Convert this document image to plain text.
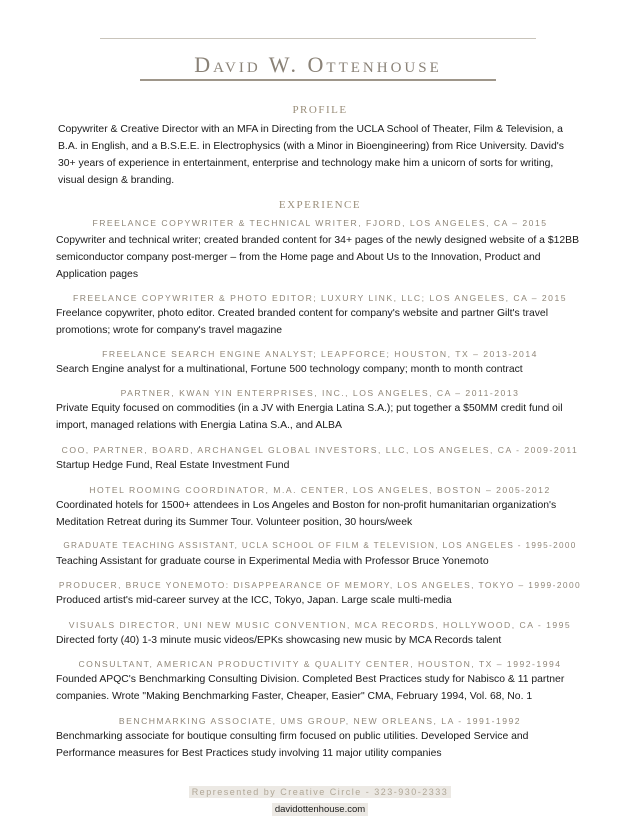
David W. Ottenhouse
PROFILE
Copywriter & Creative Director with an MFA in Directing from the UCLA School of Theater, Film & Television, a B.A. in English, and a B.S.E.E. in Electrophysics (with a Minor in Bioengineering) from Rice University. David's 30+ years of experience in entertainment, enterprise and technology make him a unicorn of sorts for writing, visual design & branding.
EXPERIENCE
FREELANCE COPYWRITER & TECHNICAL WRITER, FJORD, LOS ANGELES, CA – 2015
Copywriter and technical writer; created branded content for 34+ pages of the newly designed website of a $12BB semiconductor company post-merger – from the Home page and About Us to the Innovation, Product and Application pages
FREELANCE COPYWRITER & PHOTO EDITOR; LUXURY LINK, LLC; LOS ANGELES, CA – 2015
Freelance copywriter, photo editor. Created branded content for company's website and partner Gilt's travel promotions; wrote for company's travel magazine
FREELANCE SEARCH ENGINE ANALYST; LEAPFORCE; HOUSTON, TX – 2013-2014
Search Engine analyst for a multinational, Fortune 500 technology company; month to month contract
PARTNER, KWAN YIN ENTERPRISES, INC., LOS ANGELES, CA – 2011-2013
Private Equity focused on commodities (in a JV with Energia Latina S.A.); put together a $50MM credit fund oil import, managed relations with Energia Latina S.A., and ALBA
COO, PARTNER, BOARD, ARCHANGEL GLOBAL INVESTORS, LLC, LOS ANGELES, CA - 2009-2011
Startup Hedge Fund, Real Estate Investment Fund
HOTEL ROOMING COORDINATOR, M.A. CENTER, LOS ANGELES, BOSTON – 2005-2012
Coordinated hotels for 1500+ attendees in Los Angeles and Boston for non-profit humanitarian organization's Meditation Retreat during its Summer Tour. Volunteer position, 30 hours/week
GRADUATE TEACHING ASSISTANT, UCLA SCHOOL OF FILM & TELEVISION, LOS ANGELES - 1995-2000
Teaching Assistant for graduate course in Experimental Media with Professor Bruce Yonemoto
PRODUCER, BRUCE YONEMOTO: DISAPPEARANCE OF MEMORY, LOS ANGELES, TOKYO – 1999-2000
Produced artist's mid-career survey at the ICC, Tokyo, Japan. Large scale multi-media
VISUALS DIRECTOR, UNI NEW MUSIC CONVENTION, MCA RECORDS, HOLLYWOOD, CA - 1995
Directed forty (40) 1-3 minute music videos/EPKs showcasing new music by MCA Records talent
CONSULTANT, AMERICAN PRODUCTIVITY & QUALITY CENTER, HOUSTON, TX – 1992-1994
Founded APQC's Benchmarking Consulting Division. Completed Best Practices study for Nabisco & 11 partner companies. Wrote "Making Benchmarking Faster, Cheaper, Easier" CMA, February 1994, Vol. 68, No. 1
BENCHMARKING ASSOCIATE, UMS GROUP, NEW ORLEANS, LA - 1991-1992
Benchmarking associate for boutique consulting firm focused on public utilities. Developed Service and Performance measures for Best Practices study involving 11 major utility companies
Represented by Creative Circle - 323-930-2333
davidottenhouse.com
